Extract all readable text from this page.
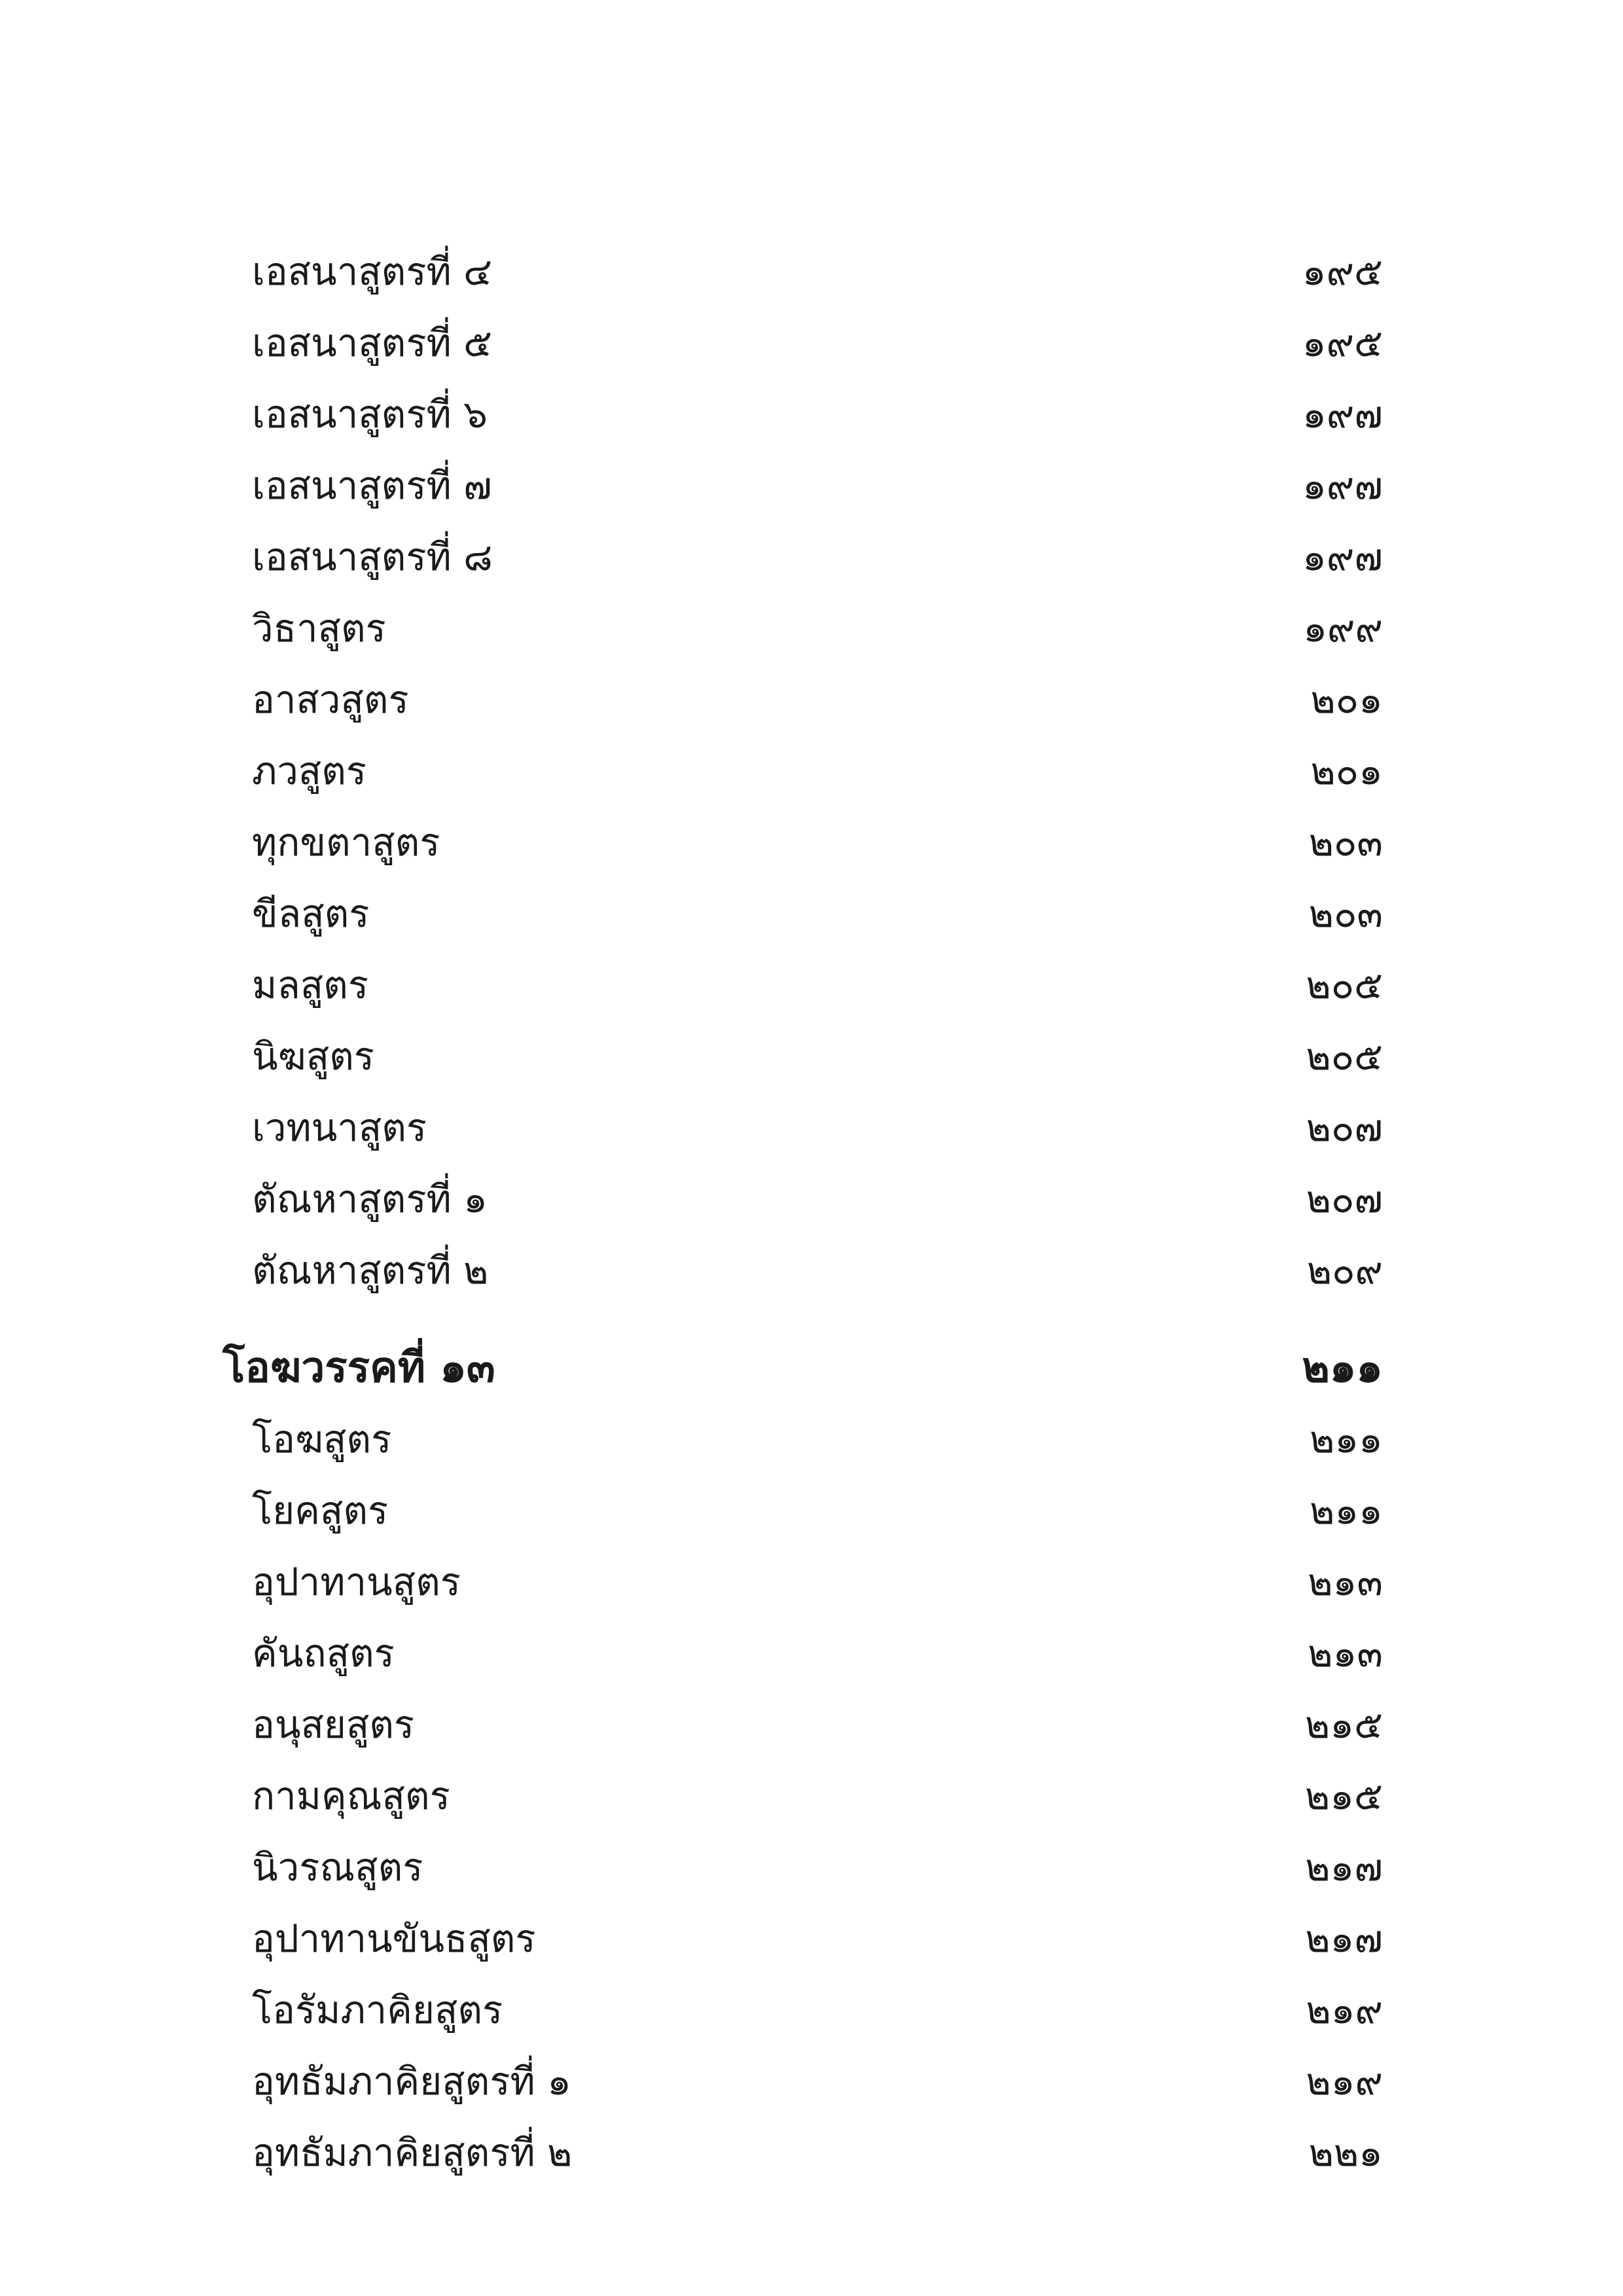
เอสนาสูตรที่ ๔	๑๙๕
เอสนาสูตรที่ ๕	๑๙๕
เอสนาสูตรที่ ๖	๑๙๗
เอสนาสูตรที่ ๗	๑๙๗
เอสนาสูตรที่ ๘	๑๙๗
วิธาสูตร	๑๙๙
อาสวสูตร	๒๐๑
ภวสูตร	๒๐๑
ทุกขตาสูตร	๒๐๓
ขีลสูตร	๒๐๓
มลสูตร	๒๐๕
นิฆสูตร	๒๐๕
เวทนาสูตร	๒๐๗
ตัณหาสูตรที่ ๑	๒๐๗
ตัณหาสูตรที่ ๒	๒๐๙
โอฆวรรคที่ ๑๓	๒๑๑
โอฆสูตร	๒๑๑
โยคสูตร	๒๑๑
อุปาทานสูตร	๒๑๓
คันถสูตร	๒๑๓
อนุสยสูตร	๒๑๕
กามคุณสูตร	๒๑๕
นิวรณสูตร	๒๑๗
อุปาทานขันธสูตร	๒๑๗
โอรัมภาคิยสูตร	๒๑๙
อุทธัมภาคิยสูตรที่ ๑	๒๑๙
อุทธัมภาคิยสูตรที่ ๒	๒๒๑
